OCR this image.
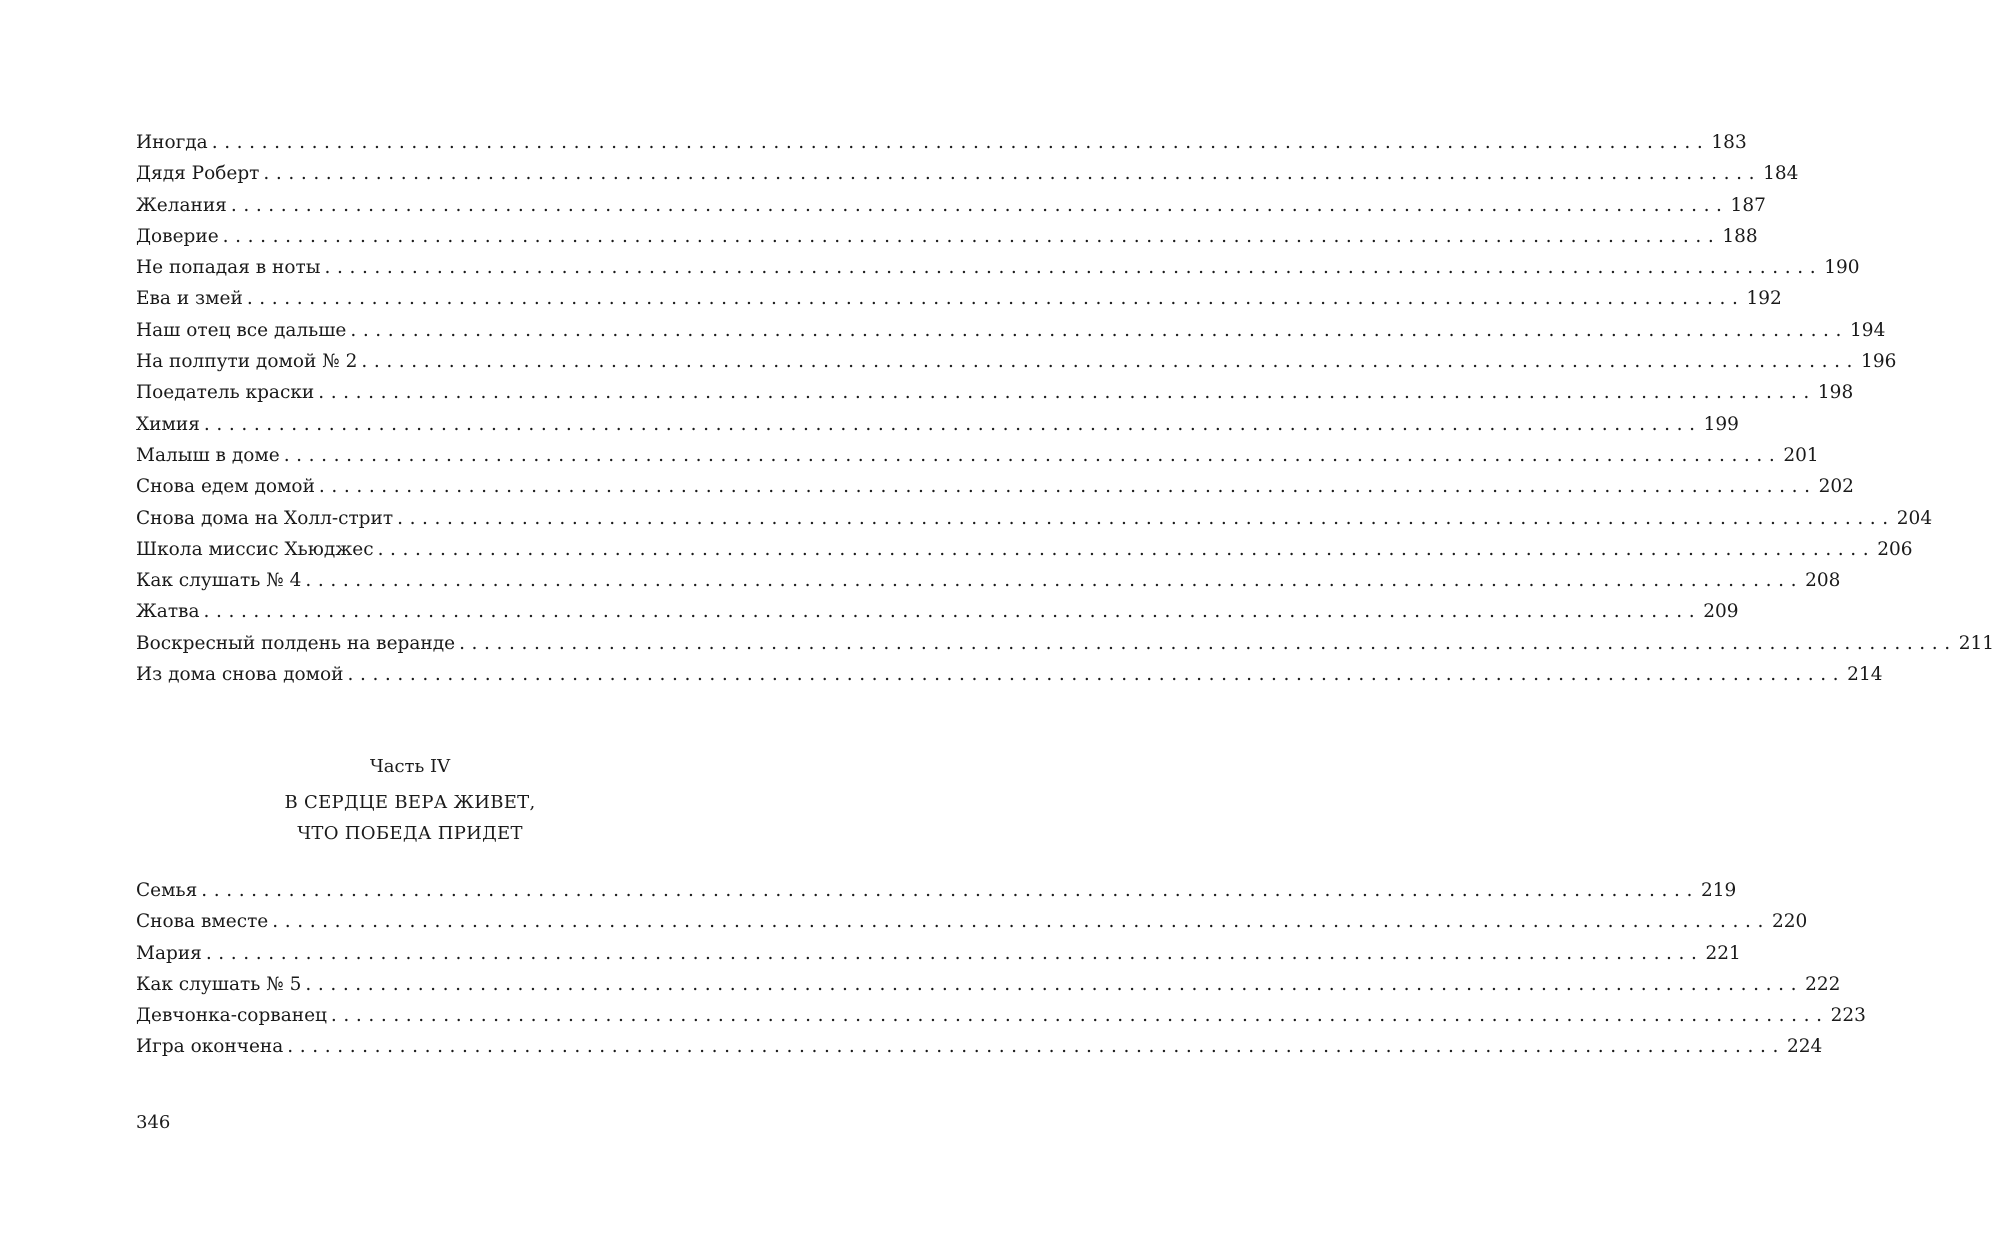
Иногда ........................................................................................................................ 183
Дядя Роберт ........................................................................................................................ 184
Желания ........................................................................................................................ 187
Доверие ........................................................................................................................ 188
Не попадая в ноты ........................................................................................................................ 190
Ева и змей ........................................................................................................................ 192
Наш отец все дальше ........................................................................................................................ 194
На полпути домой № 2 ........................................................................................................................ 196
Поедатель краски ........................................................................................................................ 198
Химия ........................................................................................................................ 199
Малыш в доме ........................................................................................................................ 201
Снова едем домой ........................................................................................................................ 202
Снова дома на Холл-стрит ........................................................................................................................ 204
Школа миссис Хьюджес ........................................................................................................................ 206
Как слушать № 4 ........................................................................................................................ 208
Жатва ........................................................................................................................ 209
Воскресный полдень на веранде ........................................................................................................................ 211
Из дома снова домой ........................................................................................................................ 214
Часть IV
В СЕРДЦЕ ВЕРА ЖИВЕТ,
ЧТО ПОБЕДА ПРИДЕТ
Семья ........................................................................................................................ 219
Снова вместе ........................................................................................................................ 220
Мария ........................................................................................................................ 221
Как слушать № 5 ........................................................................................................................ 222
Девчонка-сорванец ........................................................................................................................ 223
Игра окончена ........................................................................................................................ 224
346
